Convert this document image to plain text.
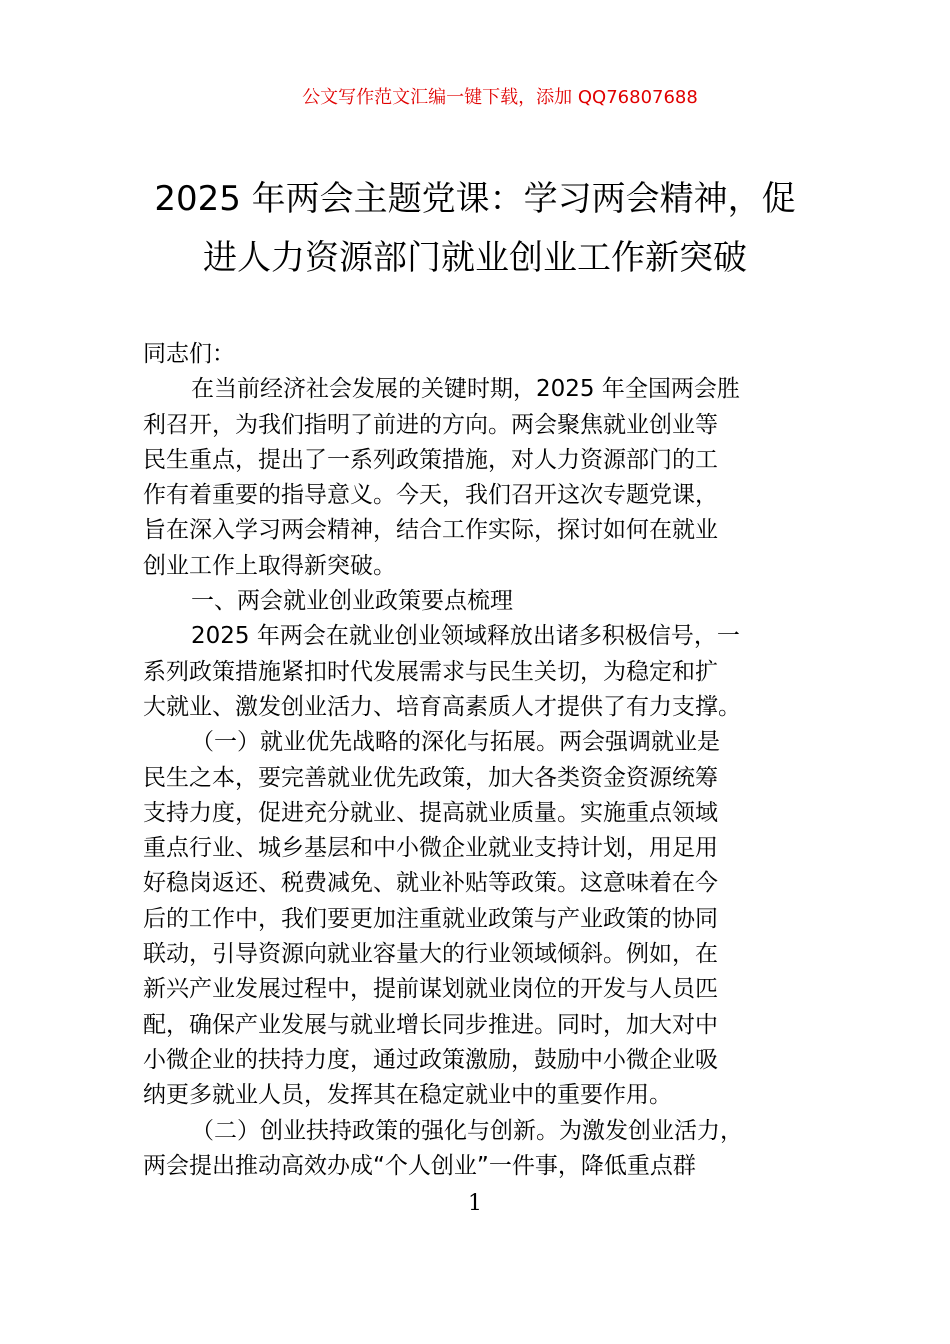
公文写作范文汇编一键下载，添加 QQ76807688
2025 年两会主题党课：学习两会精神，促
进人力资源部门就业创业工作新突破

同志们：

在当前经济社会发展的关键时期，2025 年全国两会胜
利召开，为我们指明了前进的方向。两会聚焦就业创业等
民生重点，提出了一系列政策措施，对人力资源部门的工
作有着重要的指导意义。今天，我们召开这次专题党课，
旨在深入学习两会精神，结合工作实际，探讨如何在就业
创业工作上取得新突破。

一、两会就业创业政策要点梳理

2025 年两会在就业创业领域释放出诸多积极信号，一
系列政策措施紧扣时代发展需求与民生关切，为稳定和扩
大就业、激发创业活力、培育高素质人才提供了有力支撑。

（一）就业优先战略的深化与拓展。两会强调就业是
民生之本，要完善就业优先政策，加大各类资金资源统筹
支持力度，促进充分就业、提高就业质量。实施重点领域
重点行业、城乡基层和中小微企业就业支持计划，用足用
好稳岗返还、税费减免、就业补贴等政策。这意味着在今
后的工作中，我们要更加注重就业政策与产业政策的协同
联动，引导资源向就业容量大的行业领域倾斜。例如，在
新兴产业发展过程中，提前谋划就业岗位的开发与人员匹
配，确保产业发展与就业增长同步推进。同时，加大对中
小微企业的扶持力度，通过政策激励，鼓励中小微企业吸
纳更多就业人员，发挥其在稳定就业中的重要作用。

（二）创业扶持政策的强化与创新。为激发创业活力，
两会提出推动高效办成“个人创业”一件事，降低重点群

1
